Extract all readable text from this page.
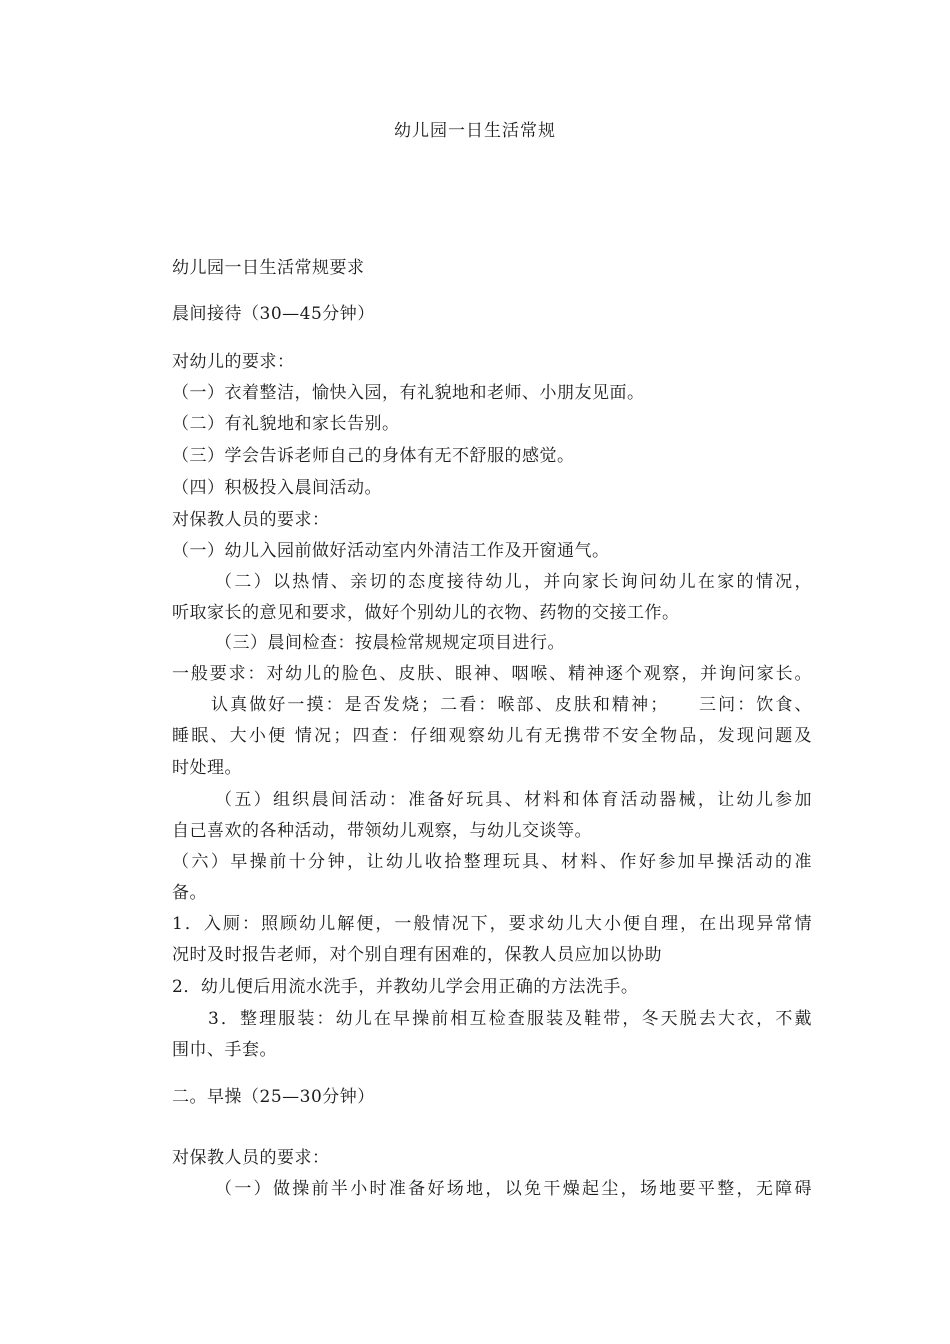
幼儿园一日生活常规
幼儿园一日生活常规要求
晨间接待（30—45分钟）
对幼儿的要求：
（一）衣着整洁，愉快入园，有礼貌地和老师、小朋友见面。
（二）有礼貌地和家长告别。
（三）学会告诉老师自己的身体有无不舒服的感觉。
（四）积极投入晨间活动。
对保教人员的要求：
（一）幼儿入园前做好活动室内外清洁工作及开窗通气。
（二）以热情、亲切的态度接待幼儿，并向家长询问幼儿在家的情况，
听取家长的意见和要求，做好个别幼儿的衣物、药物的交接工作。
（三）晨间检查：按晨检常规规定项目进行。
一般要求：对幼儿的脸色、皮肤、眼神、咽喉、精神逐个观察，并询问家长。
认真做好一摸：是否发烧；二看：喉部、皮肤和精神；　　三问：饮食、
睡眠、大小便 情况；四查：仔细观察幼儿有无携带不安全物品，发现问题及
时处理。
（五）组织晨间活动：准备好玩具、材料和体育活动器械，让幼儿参加
自己喜欢的各种活动，带领幼儿观察，与幼儿交谈等。
（六）早操前十分钟，让幼儿收拾整理玩具、材料、作好参加早操活动的准
备。
1．入厕：照顾幼儿解便，一般情况下，要求幼儿大小便自理，在出现异常情
况时及时报告老师，对个别自理有困难的，保教人员应加以协助
2．幼儿便后用流水洗手，并教幼儿学会用正确的方法洗手。
3．整理服装：幼儿在早操前相互检查服装及鞋带，冬天脱去大衣，不戴
围巾、手套。
二。早操（25—30分钟）
对保教人员的要求：
（一）做操前半小时准备好场地，以免干燥起尘，场地要平整，无障碍
